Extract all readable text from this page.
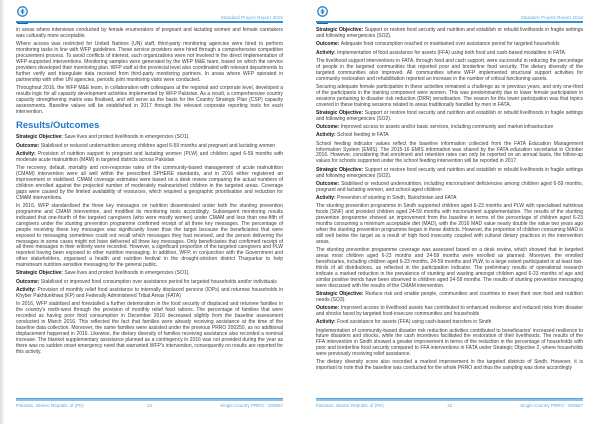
Standard Project Report 2016

in areas where interviews conducted by female enumerators of pregnant and lactating women and female caretakers was culturally more acceptable.

Where access was restricted for United Nations (UN) staff, third-party monitoring agencies were hired to perform monitoring tasks in line with WFP guidelines. These service providers were hired through a comprehensive competitive procurement process. To avoid conflicts of interest, such organizations were not involved in the direct implementation of WFP-supported interventions. Monitoring samples were generated by the WFP M&E team, based on which the service providers developed their monitoring plan. WFP staff at the provincial level also coordinated with relevant departments to further verify and triangulate data received from third-party monitoring partners. In areas where WFP operated in partnership with other UN agencies, periodic joint monitoring visits were conducted.

Throughout 2016, the WFP M&E team, in collaboration with colleagues at the regional and corporate level, developed a results logic for all capacity development activities implemented by WFP Pakistan. As a result, a comprehensive country capacity strengthening matrix was finalised, and will serve as the basis for the Country Strategic Plan (CSP) capacity assessments. Baseline values will be established in 2017 through the relevant corporate reporting tools for each intervention.

Results/Outcomes

Strategic Objective: Save lives and protect livelihoods in emergencies (SO1).

Outcome: Stabilised or reduced undernutrition among children aged 6-59 months and pregnant and lactating women

Activity: Provision of nutrition support to pregnant and lactating women (PLW) and children aged 6-59 months with moderate acute malnutrition (MAM) in targeted districts across Pakistan

The recovery, default, mortality and non-response rates of the community-based management of acute malnutrition (CMAM) intervention were all well within the prescribed SPHERE standards, and in 2016 either registered an improvement or stabilised. CMAM coverage estimates were based on a desk review comparing the actual numbers of children enrolled against the projected number of moderately malnourished children in the targeted areas. Coverage gaps were caused by the limited availability of resources, which required a geographic prioritisation and reduction for CMAM interventions.

In 2016, WFP standardised the three key messages on nutrition disseminated under both the stunting prevention programme and CMAM intervention, and modified its monitoring tools accordingly. Subsequent monitoring results indicated that one-fourth of the targeted caregivers (who were mostly women) under CMAM and less than one-fifth of caregivers under the stunting prevention programme confirmed receipt of all three key messages. The percentage of people receiving these key messages was significantly lower than the target because the beneficiaries that were exposed to messaging sometimes could not recall which messages they had received, and the person delivering the messages in some cases might not have delivered all three key messages. Only beneficiaries that confirmed receipt of all three messages in their entirety were recorded. However, a significant proportion of the targeted caregivers and PLW reported having been exposed to other nutrition messaging. In addition, WFP, in conjunction with the Government and other stakeholders, organised a health and nutrition festival in the drought-stricken district Tharparkar to help mainstream nutrition-sensitive messaging for the general public.

Strategic Objective: Save lives and protect livelihoods in emergencies (SO1).

Outcome: Stabilised or improved food consumption over assistance period for targeted households and/or individuals

Activity: Provision of monthly relief food assistance to internally displaced persons (IDPs) and returnee households in Khyber Pakhtunkhwa (KP) and Federally Administered Tribal Areas (FATA)

In 2016, WFP stabilised and forestalled a further deterioration in the food security of displaced and returnee families in the country's north-west through the provision of monthly relief food rations. The percentage of families that were recorded as having poor food consumption in December 2016 decreased slightly from the baseline assessment conducted in March 2016. This reflected the fact that families were already receiving assistance at the time of the baseline data collection. Moreover, the same families were assisted under the previous PRRO 200250, as no additional displacement happened in 2016. Likewise, the dietary diversity of families receiving assistance also recorded a nominal increase. The blanket supplementary assistance planned as a contingency in 2016 was not provided during the year as there was no sudden onset emergency need that warranted WFP's intervention, consequently no results are reported for this activity.

Pakistan, Islamic Republic of (PK)	14	Single Country PRRO - 200867
Standard Project Report 2016

Strategic Objective: Support or restore food security and nutrition and establish or rebuild livelihoods in fragile settings and following emergencies (SO2).

Outcome: Adequate food consumption reached or maintained over assistance period for targeted households

Activity: Implementation of food assistance for assets (FFA) using both food and cash-based modalities in FATA

The livelihood support interventions in FATA, through food and cash support, were successful in reducing the percentage of people in the targeted communities that reported poor and borderline food security. The dietary diversity of the targeted communities also improved. All communities where WFP implemented structural support activities for community restoration and rehabilitation reported an increase in the number of critical functioning assets.

Securing adequate female participation in these activities remained a challenge as in previous years, and only one-third of the participants in the training component were women. This was predominantly due to lower female participation in sessions pertaining to disaster risk reduction (DRR) sensitisation. The reason for this lower participation was that topics covered in these training sessions related to areas traditionally handled by men in FATA.

Strategic Objective: Support or restore food security and nutrition and establish or rebuild livelihoods in fragile settings and following emergencies (SO2).

Outcome: Improved access to assets and/or basic services, including community and market infrastructure

Activity: School feeding in FATA

School feeding indicator values reflect the baseline information collected from the FATA Education Management Information System (EMIS). The 2015-16 EMIS information was shared by the FATA education secretariat in October 2016. However, considering that enrolment and retention rates can only be reported on an annual basis, the follow-up values for schools supported under the school feeding intervention will be reported in 2017.

Strategic Objective: Support or restore food security and nutrition and establish or rebuild livelihoods in fragile settings and following emergencies (SO2).

Outcome: Stabilised or reduced undernutrition, including micronutrient deficiencies among children aged 6-59 months, pregnant and lactating women, and school-aged children

Activity: Prevention of stunting in Sindh, Balochistan and FATA

The stunting prevention programme in Sindh supported children aged 6-23 months and PLW with specialised nutritious foods (SNF) and provided children aged 24-59 months with micronutrient supplementation. The results of the stunting prevention programme showed an improvement from the baseline in terms of the percentage of children aged 6-23 months consuming a minimum acceptable diet (MAD), with the 2016 MAD value nearly double the value two years ago when the stunting prevention programme began in these districts. However, the proportion of children consuming MAD is still well below the target as a result of high food insecurity coupled with cultural dietary practices in the intervention areas.

The stunting prevention programme coverage was assessed based on a desk review, which showed that in targeted areas most children aged 6-23 months and 24-59 months were enrolled as planned. Moreover, the enrolled beneficiaries, including children aged 6-23 months, 24-59 months and PLW, to a large extent participated in at least two-thirds of all distributions, as reflected in the participation indicator. The preliminary results of operational research indicate a marked reduction in the prevalence of stunting and wasting amongst children aged 6-23 months of age and similar positive trends have been observed in children aged 24-59 months. The results of stunting prevention messaging were discussed with the results of the CMAM intervention.

Strategic Objective: Reduce risk and enable people, communities and countries to meet their own food and nutrition needs (SO3).

Outcome: Improved access to livelihood assets has contributed to enhanced resilience and reduced risks from disaster and shocks faced by targeted food-insecure communities and households

Activity: Food assistance for assets (FFA) using cash-based transfers in Sindh

Implementation of community-based disaster risk reduction activities contributed to beneficiaries' increased resilience to future disasters and shocks, while the cash incentives facilitated the restoration of their livelihoods. The results of the FFA intervention in Sindh showed a greater improvement in terms of the reduction in the percentage of households with poor and borderline food security compared to FFA interventions in FATA under Strategic Objective 2, where households were previously receiving relief assistance.

The dietary diversity score also recorded a marked improvement in the targeted districts of Sindh. However, it is important to note that the baseline was conducted for the whole PRRO and thus the sampling was done accordingly

Pakistan, Islamic Republic of (PK)	15	Single Country PRRO - 200867
